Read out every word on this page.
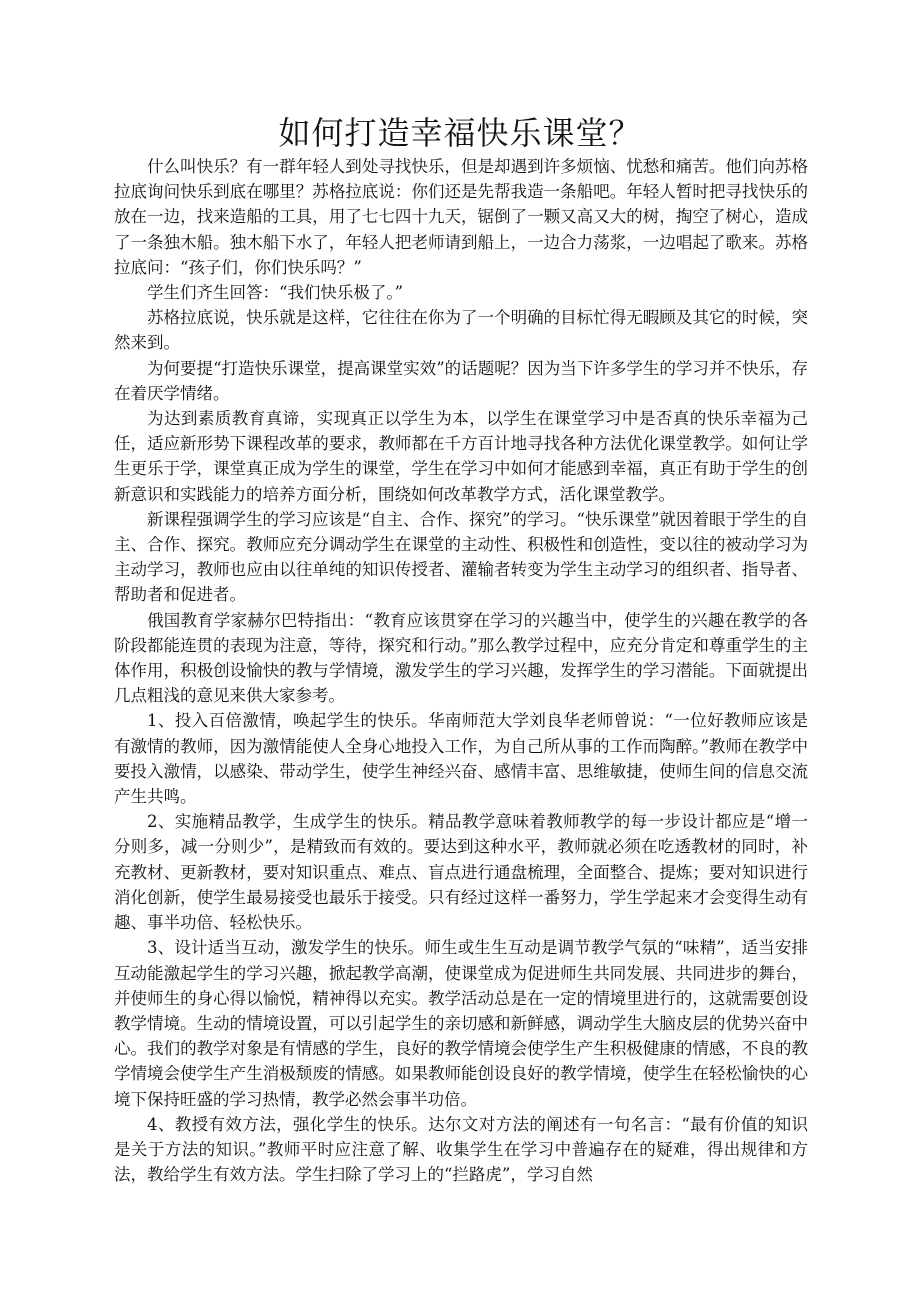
如何打造幸福快乐课堂？

什么叫快乐？有一群年轻人到处寻找快乐，但是却遇到许多烦恼、忧愁和痛苦。他们向苏格拉底询问快乐到底在哪里？苏格拉底说：你们还是先帮我造一条船吧。年轻人暂时把寻找快乐的放在一边，找来造船的工具，用了七七四十九天，锯倒了一颗又高又大的树，掏空了树心，造成了一条独木船。独木船下水了，年轻人把老师请到船上，一边合力荡浆，一边唱起了歌来。苏格拉底问：“孩子们，你们快乐吗？”

学生们齐生回答：“我们快乐极了。”

苏格拉底说，快乐就是这样，它往往在你为了一个明确的目标忙得无暇顾及其它的时候，突然来到。

为何要提“打造快乐课堂，提高课堂实效”的话题呢？因为当下许多学生的学习并不快乐，存在着厌学情绪。

为达到素质教育真谛，实现真正以学生为本，以学生在课堂学习中是否真的快乐幸福为己任，适应新形势下课程改革的要求，教师都在千方百计地寻找各种方法优化课堂教学。如何让学生更乐于学，课堂真正成为学生的课堂，学生在学习中如何才能感到幸福，真正有助于学生的创新意识和实践能力的培养方面分析，围绕如何改革教学方式，活化课堂教学。

新课程强调学生的学习应该是“自主、合作、探究”的学习。“快乐课堂”就因着眼于学生的自主、合作、探究。教师应充分调动学生在课堂的主动性、积极性和创造性，变以往的被动学习为主动学习，教师也应由以往单纯的知识传授者、灌输者转变为学生主动学习的组织者、指导者、帮助者和促进者。

俄国教育学家赫尔巴特指出：“教育应该贯穿在学习的兴趣当中，使学生的兴趣在教学的各阶段都能连贯的表现为注意，等待，探究和行动。”那么教学过程中，应充分肯定和尊重学生的主体作用，积极创设愉快的教与学情境，激发学生的学习兴趣，发挥学生的学习潜能。下面就提出几点粗浅的意见来供大家参考。

1、投入百倍激情，唤起学生的快乐。华南师范大学刘良华老师曾说：“一位好教师应该是有激情的教师，因为激情能使人全身心地投入工作，为自己所从事的工作而陶醉。”教师在教学中要投入激情，以感染、带动学生，使学生神经兴奋、感情丰富、思维敏捷，使师生间的信息交流产生共鸣。

2、实施精品教学，生成学生的快乐。精品教学意味着教师教学的每一步设计都应是“增一分则多，减一分则少”，是精致而有效的。要达到这种水平，教师就必须在吃透教材的同时，补充教材、更新教材，要对知识重点、难点、盲点进行通盘梳理，全面整合、提炼；要对知识进行消化创新，使学生最易接受也最乐于接受。只有经过这样一番努力，学生学起来才会变得生动有趣、事半功倍、轻松快乐。

3、设计适当互动，激发学生的快乐。师生或生生互动是调节教学气氛的“味精”，适当安排互动能激起学生的学习兴趣，掀起教学高潮，使课堂成为促进师生共同发展、共同进步的舞台，并使师生的身心得以愉悦，精神得以充实。教学活动总是在一定的情境里进行的，这就需要创设教学情境。生动的情境设置，可以引起学生的亲切感和新鲜感，调动学生大脑皮层的优势兴奋中心。我们的教学对象是有情感的学生，良好的教学情境会使学生产生积极健康的情感，不良的教学情境会使学生产生消极颓废的情感。如果教师能创设良好的教学情境，使学生在轻松愉快的心境下保持旺盛的学习热情，教学必然会事半功倍。

4、教授有效方法，强化学生的快乐。达尔文对方法的阐述有一句名言：“最有价值的知识是关于方法的知识。”教师平时应注意了解、收集学生在学习中普遍存在的疑难，得出规律和方法，教给学生有效方法。学生扫除了学习上的“拦路虎”，学习自然
